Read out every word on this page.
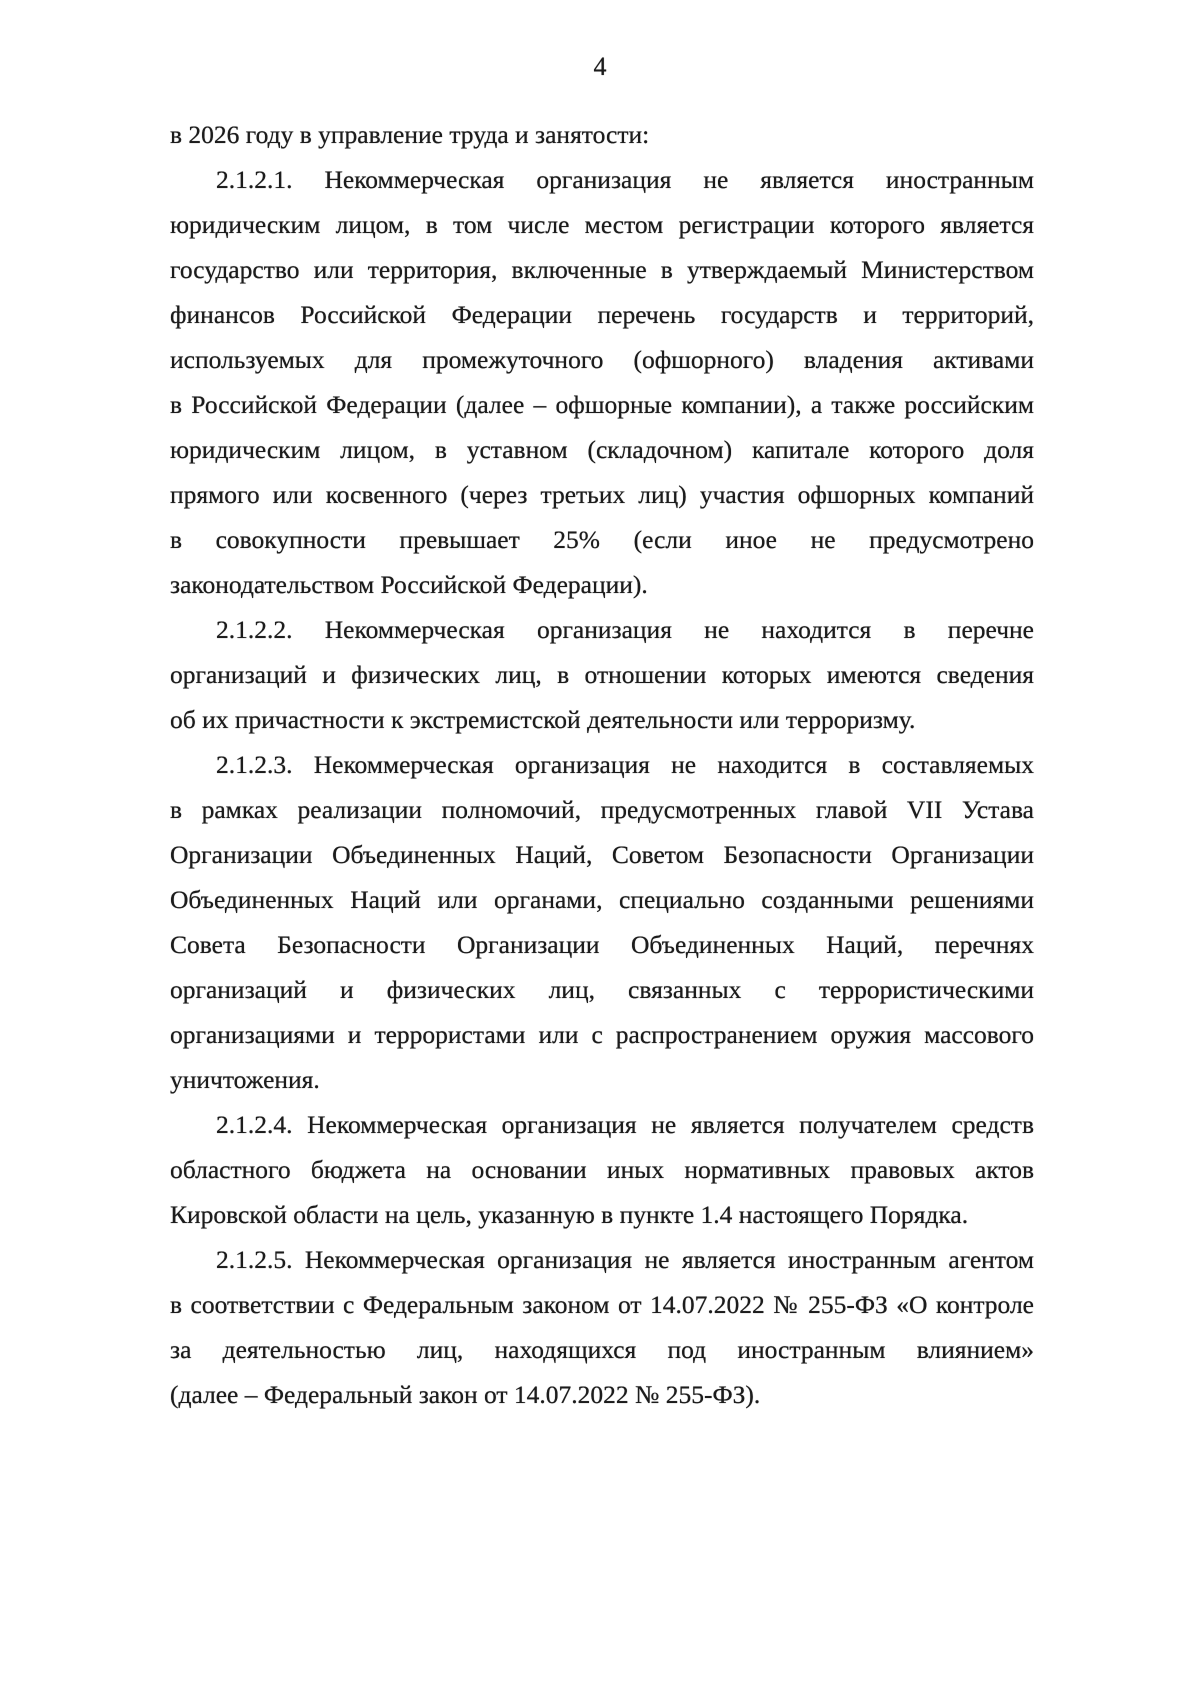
4
в 2026 году в управление труда и занятости:
2.1.2.1. Некоммерческая организация не является иностранным
юридическим лицом, в том числе местом регистрации которого является
государство или территория, включенные в утверждаемый Министерством
финансов Российской Федерации перечень государств и территорий,
используемых для промежуточного (офшорного) владения активами
в Российской Федерации (далее – офшорные компании), а также российским
юридическим лицом, в уставном (складочном) капитале которого доля
прямого или косвенного (через третьих лиц) участия офшорных компаний
в совокупности превышает 25% (если иное не предусмотрено
законодательством Российской Федерации).
2.1.2.2. Некоммерческая организация не находится в перечне
организаций и физических лиц, в отношении которых имеются сведения
об их причастности к экстремистской деятельности или терроризму.
2.1.2.3. Некоммерческая организация не находится в составляемых
в рамках реализации полномочий, предусмотренных главой VII Устава
Организации Объединенных Наций, Советом Безопасности Организации
Объединенных Наций или органами, специально созданными решениями
Совета Безопасности Организации Объединенных Наций, перечнях
организаций и физических лиц, связанных с террористическими
организациями и террористами или с распространением оружия массового
уничтожения.
2.1.2.4. Некоммерческая организация не является получателем средств
областного бюджета на основании иных нормативных правовых актов
Кировской области на цель, указанную в пункте 1.4 настоящего Порядка.
2.1.2.5. Некоммерческая организация не является иностранным агентом
в соответствии с Федеральным законом от 14.07.2022 № 255-ФЗ «О контроле
за деятельностью лиц, находящихся под иностранным влиянием»
(далее – Федеральный закон от 14.07.2022 № 255-ФЗ).
